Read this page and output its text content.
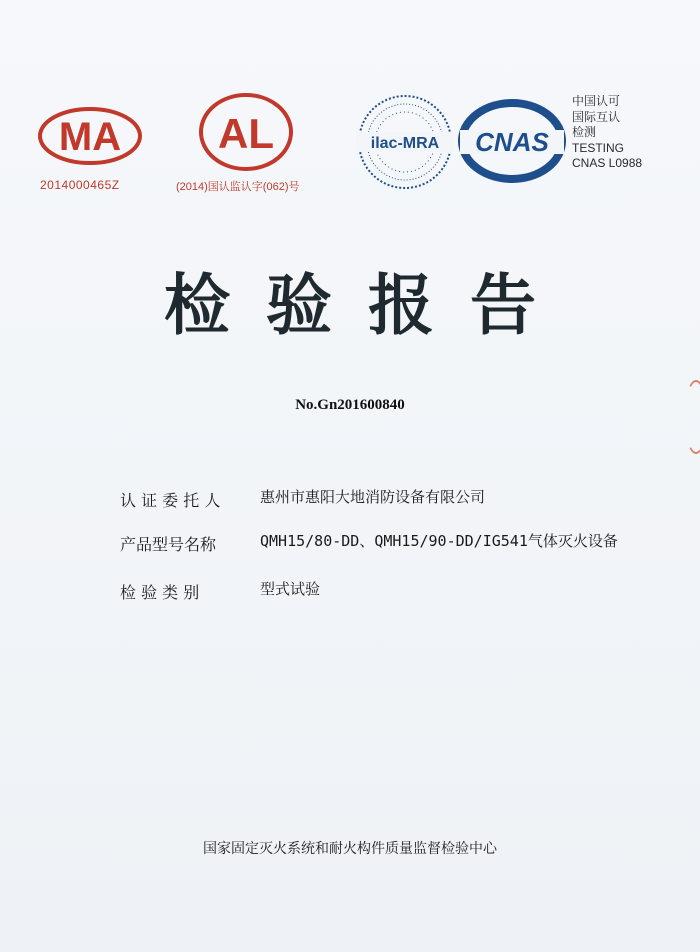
MA
2014000465Z
AL
(2014)国认监认字(062)号
ilac-MRA CNAS
中国认可
国际互认
检测
TESTING
CNAS L0988
检验报告
No.Gn201600840
认 证 委 托 人	惠州市惠阳大地消防设备有限公司
产品型号名称	QMH15/80-DD、QMH15/90-DD/IG541气体灭火设备
检 验 类 别	型式试验
国家固定灭火系统和耐火构件质量监督检验中心
